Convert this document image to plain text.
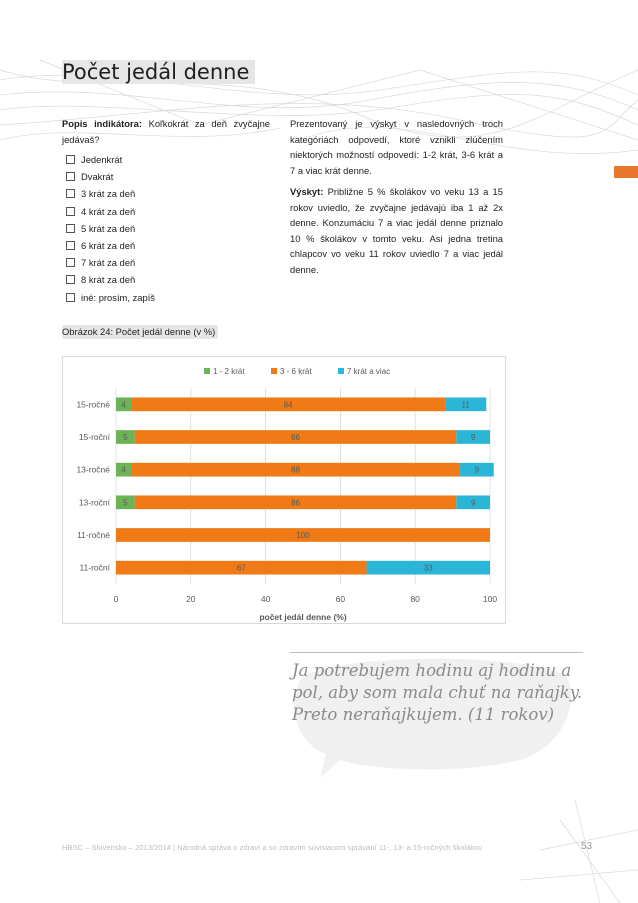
Počet jedál denne
Popis indikátora: Koľkokrát za deň zvyčajne jedávaš?
Jedenkrát
Dvakrát
3 krát za deň
4 krát za deň
5 krát za deň
6 krát za deň
7 krát za deň
8 krát za deň
iné: prosím, zapíš

Prezentovaný je výskyt v nasledovných troch kategóriách odpovedí, ktoré vznikli zlúčením niektorých možností odpovedí: 1-2 krát, 3-6 krát a 7 a viac krát denne.

Výskyt: Približne 5 % školákov vo veku 13 a 15 rokov uviedlo, že zvyčajne jedávajú iba 1 až 2x denne. Konzumáciu 7 a viac jedál denne priznalo 10 % školákov v tomto veku. Asi jedna tretina chlapcov vo veku 11 rokov uviedlo 7 a viac jedál denne.

Obrázok 24: Počet jedál denne (v %)
0	20	40	60	80	100
počet jedál denne (%)
15-ročné 4	84	11
15-roční 5	86	9
13-ročné 4	88	9
13-roční 5	86	9
11-ročné	100
11-roční	67	33
1 - 2 krát	3 - 6 krát	7 krát a viac
Ja potrebujem hodinu aj hodinu a pol, aby som mala chuť na raňajky. Preto neraňajkujem. (11 rokov)
HBSC – Slovensko – 2013/2014 | Národná správa o zdraví a so zdravím súvisiacom správaní 11-, 13- a 15-ročných školákov	53
